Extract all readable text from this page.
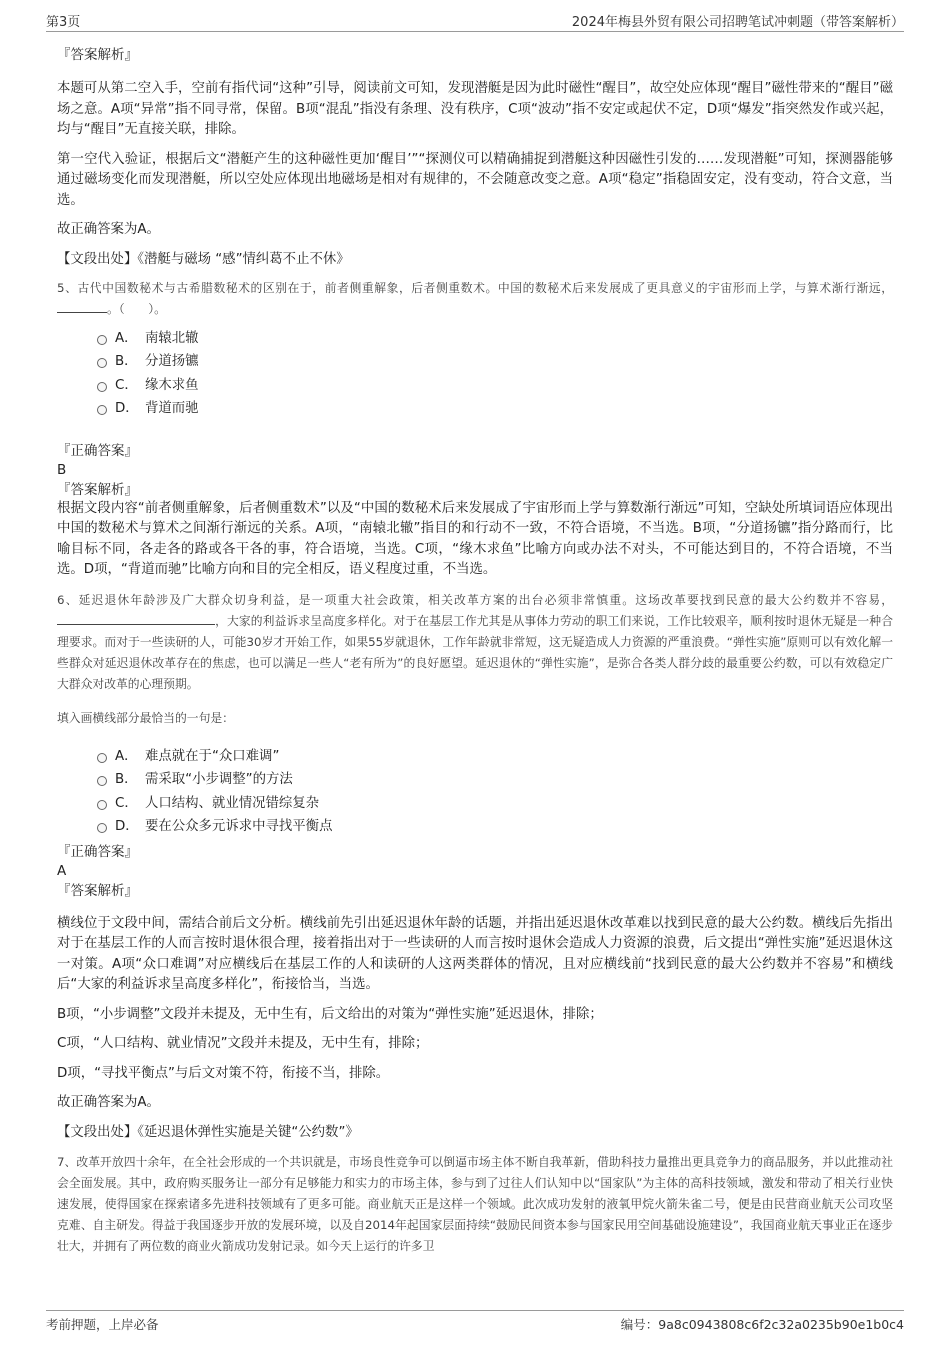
第3页	2024年梅县外贸有限公司招聘笔试冲刺题（带答案解析）
『答案解析』
本题可从第二空入手，空前有指代词“这种”引导，阅读前文可知，发现潜艇是因为此时磁性“醒目”，故空处应体现“醒目”磁性带来的“醒目”磁场之意。A项“异常”指不同寻常，保留。B项“混乱”指没有条理、没有秩序，C项“波动”指不安定或起伏不定，D项“爆发”指突然发作或兴起，均与“醒目”无直接关联，排除。
第一空代入验证，根据后文“潜艇产生的这种磁性更加‘醒目’”“探测仪可以精确捕捉到潜艇这种因磁性引发的……发现潜艇”可知，探测器能够通过磁场变化而发现潜艇，所以空处应体现出地磁场是相对有规律的，不会随意改变之意。A项“稳定”指稳固安定，没有变动，符合文意，当选。
故正确答案为A。
【文段出处】《潜艇与磁场 “感”情纠葛不止不休》
5、古代中国数秘术与古希腊数秘术的区别在于，前者侧重解象，后者侧重数术。中国的数秘术后来发展成了更具意义的宇宙形而上学，与算术渐行渐远，。（　　）。
A． 南辕北辙
B． 分道扬镳
C． 缘木求鱼
D． 背道而驰
『正确答案』
B
『答案解析』
根据文段内容“前者侧重解象，后者侧重数术”以及“中国的数秘术后来发展成了宇宙形而上学与算数渐行渐远”可知，空缺处所填词语应体现出中国的数秘术与算术之间渐行渐远的关系。A项，“南辕北辙”指目的和行动不一致，不符合语境，不当选。B项，“分道扬镳”指分路而行，比喻目标不同，各走各的路或各干各的事，符合语境，当选。C项，“缘木求鱼”比喻方向或办法不对头，不可能达到目的，不符合语境，不当选。D项，“背道而驰”比喻方向和目的完全相反，语义程度过重，不当选。
6、延迟退休年龄涉及广大群众切身利益，是一项重大社会政策，相关改革方案的出台必须非常慎重。这场改革要找到民意的最大公约数并不容易，，大家的利益诉求呈高度多样化。对于在基层工作尤其是从事体力劳动的职工们来说，工作比较艰辛，顺利按时退休无疑是一种合理要求。而对于一些读研的人，可能30岁才开始工作，如果55岁就退休，工作年龄就非常短，这无疑造成人力资源的严重浪费。“弹性实施”原则可以有效化解一些群众对延迟退休改革存在的焦虑，也可以满足一些人“老有所为”的良好愿望。延迟退休的“弹性实施”，是弥合各类人群分歧的最重要公约数，可以有效稳定广大群众对改革的心理预期。
填入画横线部分最恰当的一句是：
A． 难点就在于“众口难调”
B． 需采取“小步调整”的方法
C． 人口结构、就业情况错综复杂
D． 要在公众多元诉求中寻找平衡点
『正确答案』
A
『答案解析』
横线位于文段中间，需结合前后文分析。横线前先引出延迟退休年龄的话题，并指出延迟退休改革难以找到民意的最大公约数。横线后先指出对于在基层工作的人而言按时退休很合理，接着指出对于一些读研的人而言按时退休会造成人力资源的浪费，后文提出“弹性实施”延迟退休这一对策。A项“众口难调”对应横线后在基层工作的人和读研的人这两类群体的情况，且对应横线前“找到民意的最大公约数并不容易”和横线后“大家的利益诉求呈高度多样化”，衔接恰当，当选。
B项，“小步调整”文段并未提及，无中生有，后文给出的对策为“弹性实施”延迟退休，排除；
C项，“人口结构、就业情况”文段并未提及，无中生有，排除；
D项，“寻找平衡点”与后文对策不符，衔接不当，排除。
故正确答案为A。
【文段出处】《延迟退休弹性实施是关键“公约数”》
7、改革开放四十余年，在全社会形成的一个共识就是，市场良性竞争可以倒逼市场主体不断自我革新，借助科技力量推出更具竞争力的商品服务，并以此推动社会全面发展。其中，政府购买服务让一部分有足够能力和实力的市场主体，参与到了过往人们认知中以“国家队”为主体的高科技领域，激发和带动了相关行业快速发展，使得国家在探索诸多先进科技领域有了更多可能。商业航天正是这样一个领域。此次成功发射的液氧甲烷火箭朱雀二号，便是由民营商业航天公司攻坚克难、自主研发。得益于我国逐步开放的发展环境，以及自2014年起国家层面持续“鼓励民间资本参与国家民用空间基础设施建设”，我国商业航天事业正在逐步壮大，并拥有了两位数的商业火箭成功发射记录。如今天上运行的许多卫
考前押题，上岸必备	编号：9a8c0943808c6f2c32a0235b90e1b0c4
